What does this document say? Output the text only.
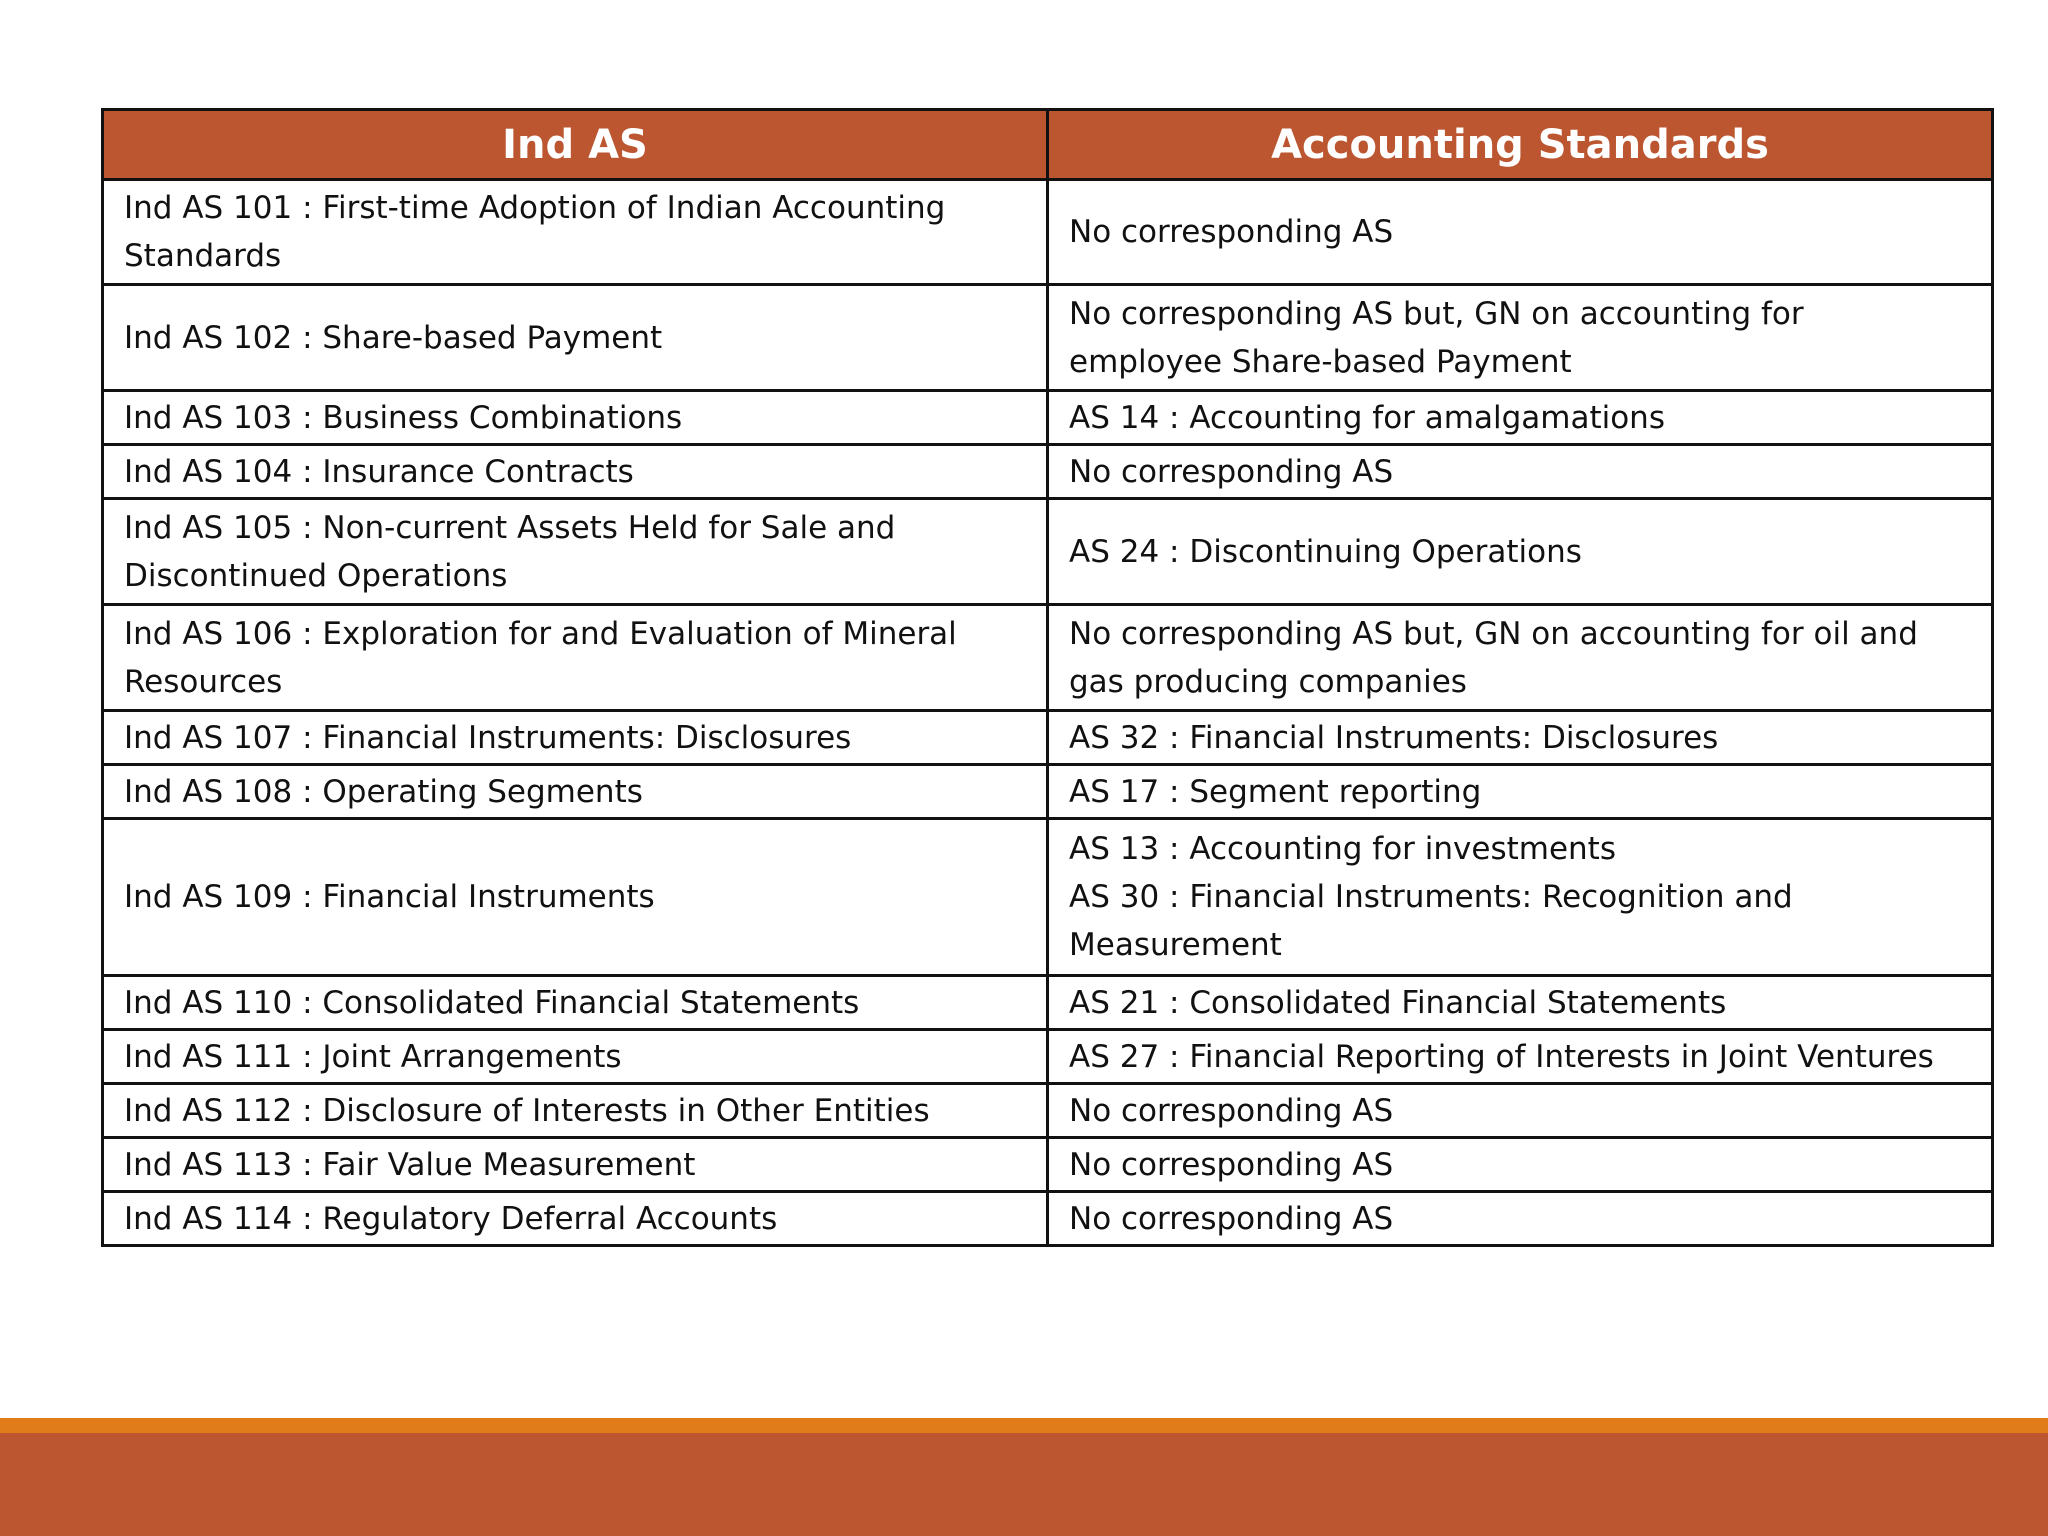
Ind AS	Accounting Standards

Ind AS 101 : First-time Adoption of Indian Accounting
Standards	No corresponding AS

Ind AS 102 : Share-based Payment	No corresponding AS but, GN on accounting for
employee Share-based Payment

Ind AS 103 : Business Combinations	AS 14 : Accounting for amalgamations

Ind AS 104 : Insurance Contracts	No corresponding AS

Ind AS 105 : Non-current Assets Held for Sale and
Discontinued Operations	AS 24 : Discontinuing Operations

Ind AS 106 : Exploration for and Evaluation of Mineral
Resources	No corresponding AS but, GN on accounting for oil and
gas producing companies

Ind AS 107 : Financial Instruments: Disclosures	AS 32 : Financial Instruments: Disclosures

Ind AS 108 : Operating Segments	AS 17 : Segment reporting

Ind AS 109 : Financial Instruments	AS 13 : Accounting for investments
AS 30 : Financial Instruments: Recognition and
Measurement

Ind AS 110 : Consolidated Financial Statements	AS 21 : Consolidated Financial Statements

Ind AS 111 : Joint Arrangements	AS 27 : Financial Reporting of Interests in Joint Ventures

Ind AS 112 : Disclosure of Interests in Other Entities	No corresponding AS

Ind AS 113 : Fair Value Measurement	No corresponding AS

Ind AS 114 : Regulatory Deferral Accounts	No corresponding AS
